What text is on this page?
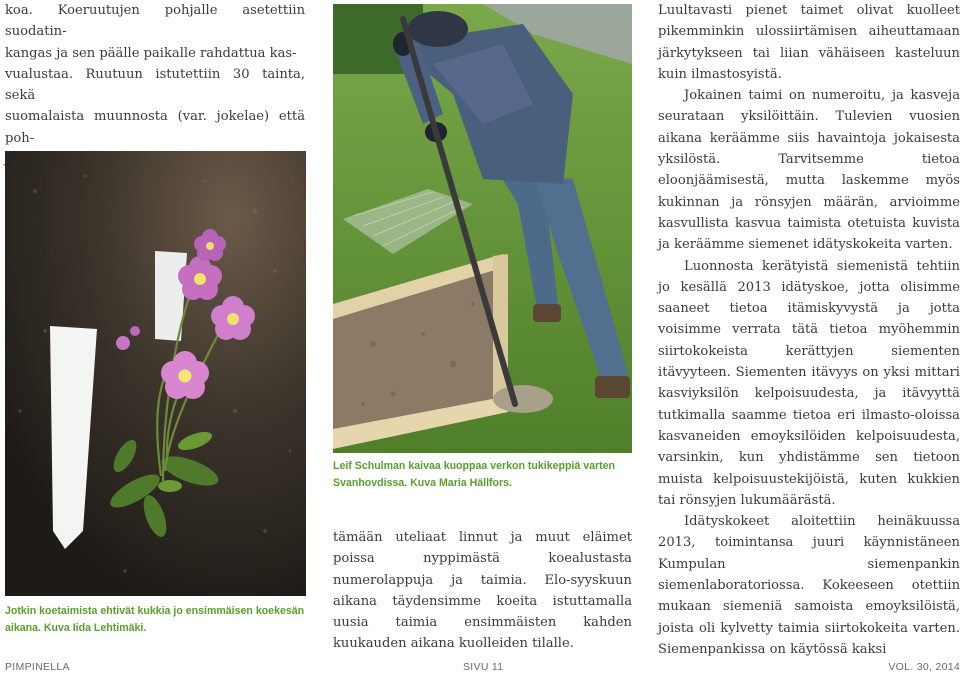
koa. Koeruutujen pohjalle asetettiin suodatin-
kangas ja sen päälle paikalle rahdattua kas-
vualustaa. Ruutuun istutettiin 30 tainta, sekä
suomalaista muunnosta (var. jokelae) että poh-
Jotkin koetaimista ehtivät kukkia jo ensimmäisen koekesän aikana. Kuva Iida Lehtimäki.
Leif Schulman kaivaa kuoppaa verkon tukikeppiä varten Svanhovdissa. Kuva Maria Hällfors.
tämään uteliaat linnut ja muut eläimet poissa nyppimästä koealustasta numerolappuja ja taimia. Elo-syyskuun aikana täydensimme koeita istuttamalla uusia taimia ensimmäisten kahden kuukauden aikana kuolleiden tilalle.

Luultavasti pienet taimet olivat kuolleet pikemminkin ulossiirtämisen aiheuttamaan järkytykseen tai liian vähäiseen kasteluun kuin ilmastosyistä.

Jokainen taimi on numeroitu, ja kasveja seurataan yksilöittäin. Tulevien vuosien aikana keräämme siis havaintoja jokaisesta yksilöstä. Tarvitsemme tietoa eloonjäämisestä, mutta laskemme myös kukinnan ja rönsyjen määrän, arvioimme kasvullista kasvua taimista otetuista kuvista ja keräämme siemenet idätyskokeita varten.

Luonnosta kerätyistä siemenistä tehtiin jo kesällä 2013 idätyskoe, jotta olisimme saaneet tietoa itämiskyvystä ja jotta voisimme verrata tätä tietoa myöhemmin siirtokokeista kerättyjen siementen itävyyteen. Siementen itävyys on yksi mittari kasviyksilön kelpoisuudesta, ja itävyyttä tutkimalla saamme tietoa eri ilmasto-oloissa kasvaneiden emoyksilöiden kelpoisuudesta, varsinkin, kun yhdistämme sen tietoon muista kelpoisuustekijöistä, kuten kukkien tai rönsyjen lukumäärästä.

Idätyskokeet aloitettiin heinäkuussa 2013, toimintansa juuri käynnistäneen Kumpulan siemenpankin siemenlaboratoriossa. Kokeeseen otettiin mukaan siemeniä samoista emoyksilöistä, joista oli kylvetty taimia siirtokokeita varten. Siemenpankissa on käytössä kaksi

PIMPINELLA	SIVU 11	VOL. 30, 2014
